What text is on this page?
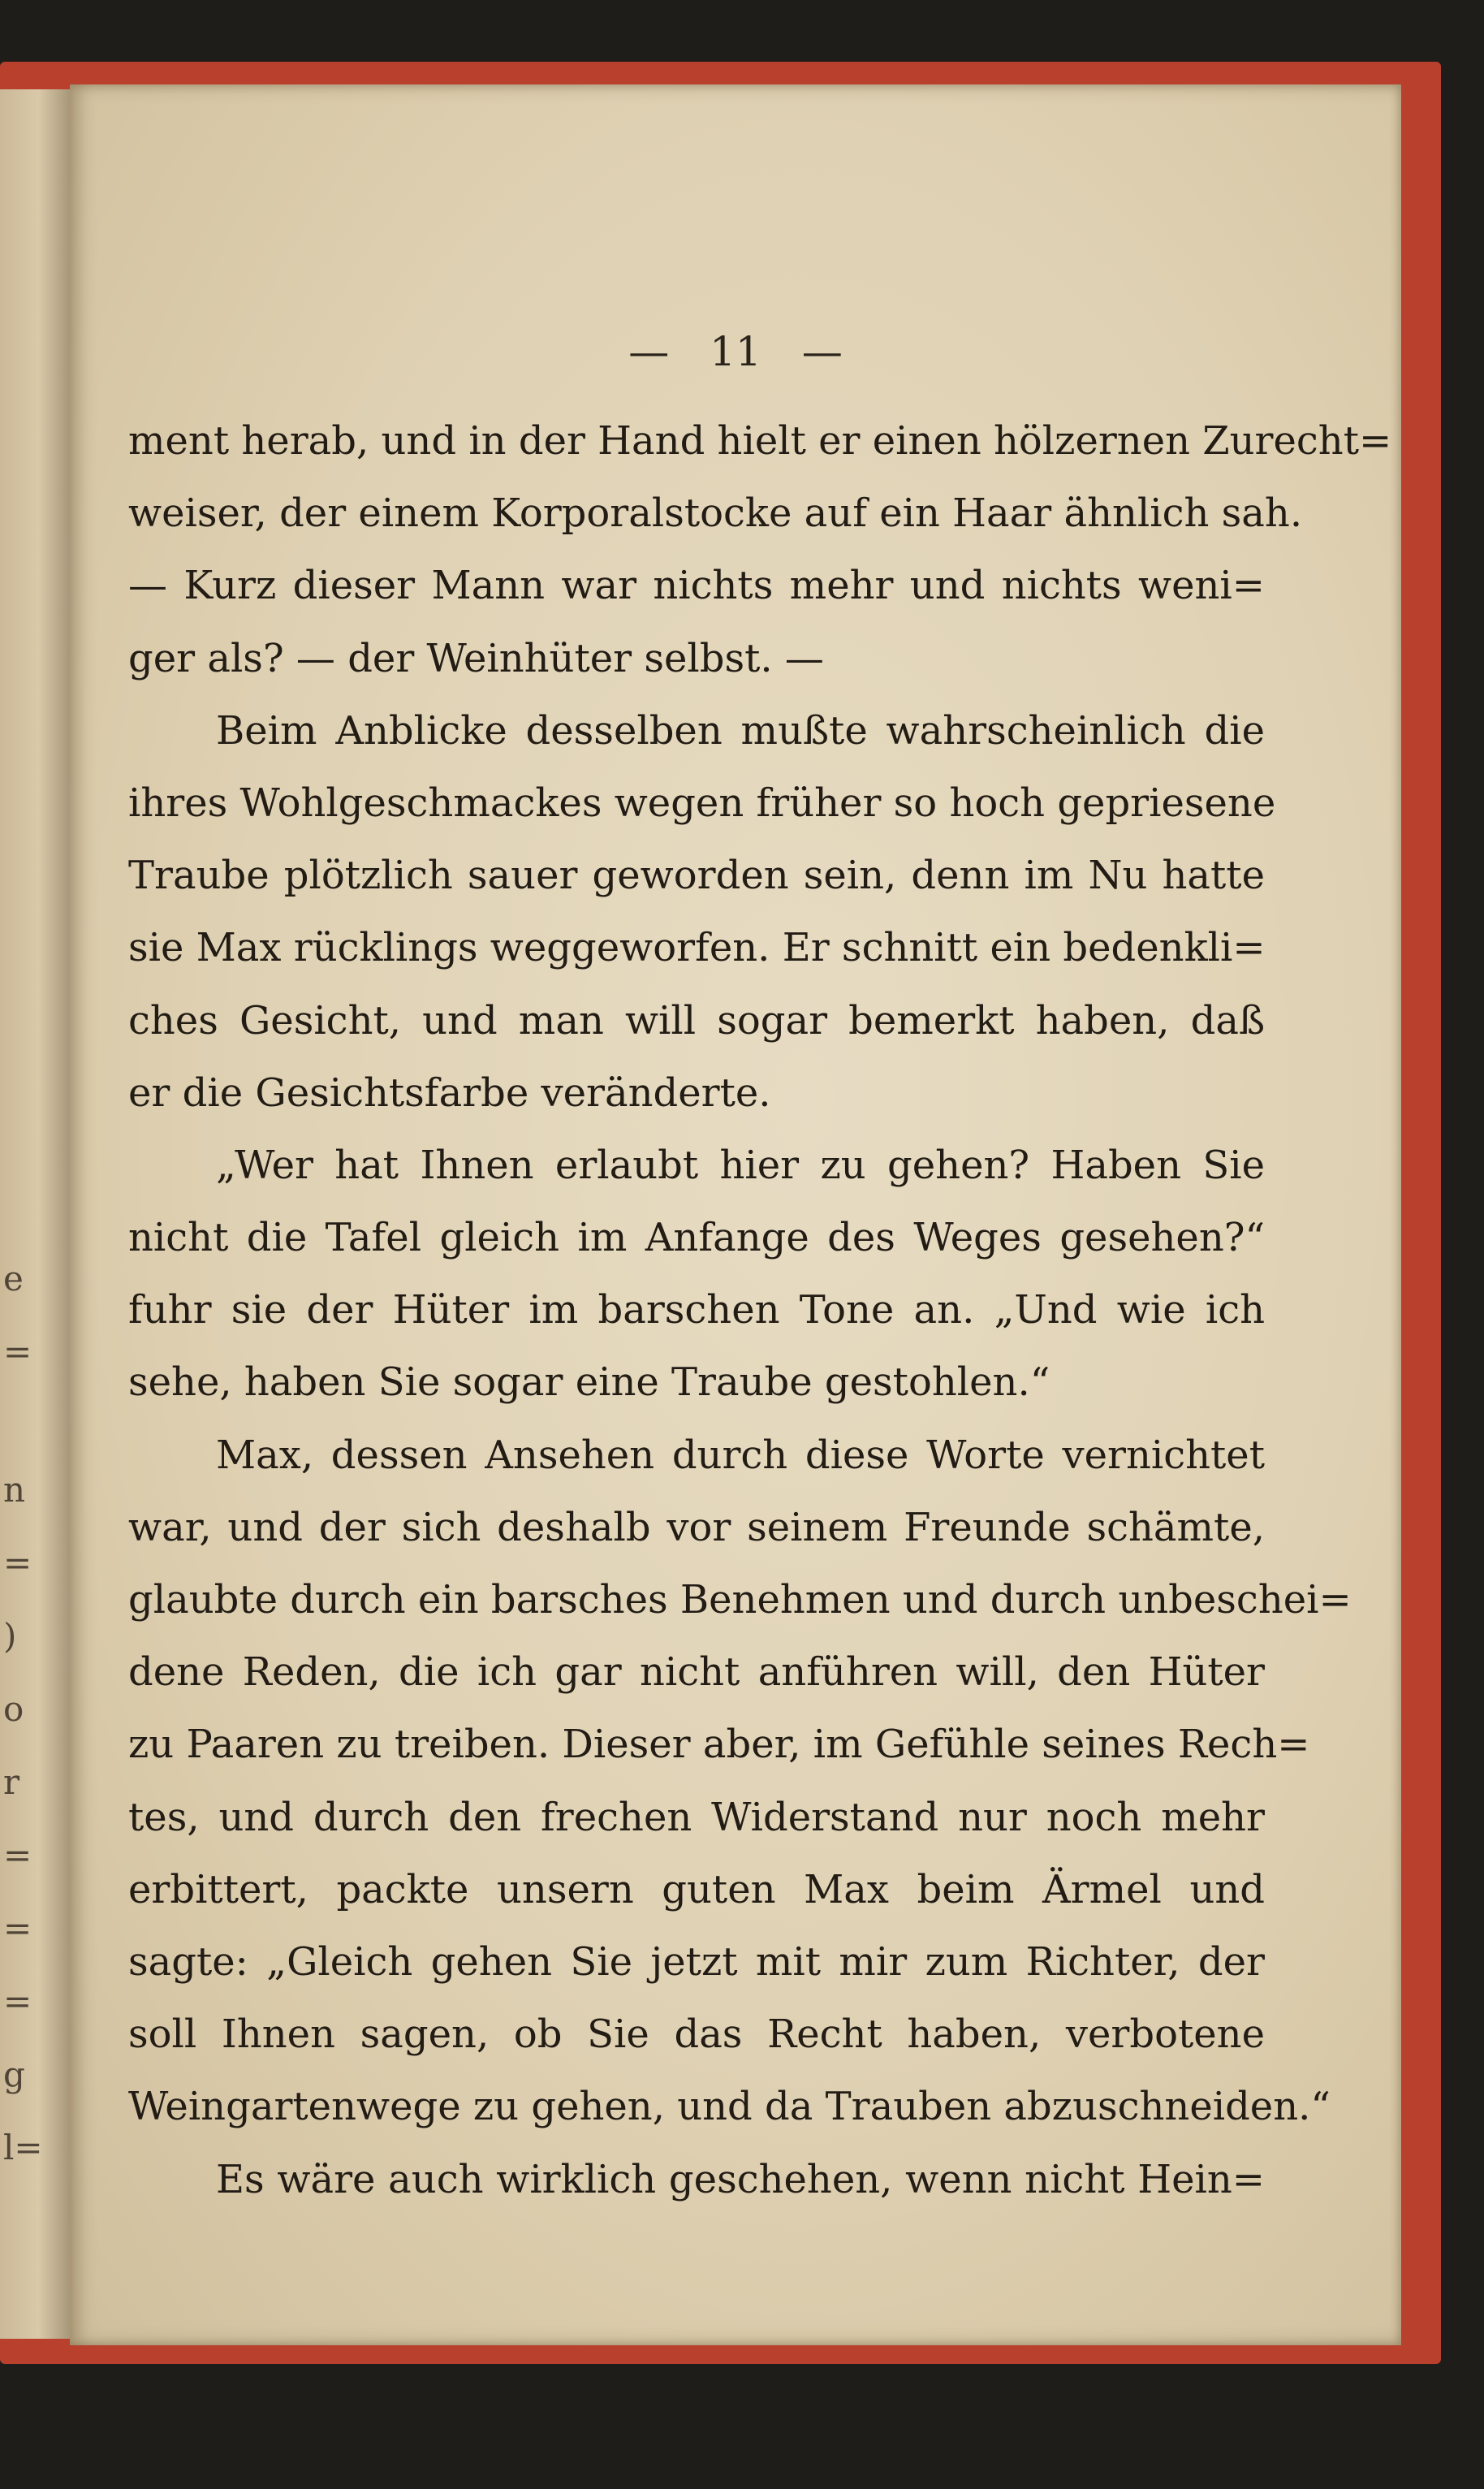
e
=
n
=
)
o
r
=
=
=
g
l=
— 11 —
ment herab, und in der Hand hielt er einen hölzernen Zurecht=
weiser, der einem Korporalstocke auf ein Haar ähnlich sah.
— Kurz dieser Mann war nichts mehr und nichts weni=
ger als? — der Weinhüter selbst. —
Beim Anblicke desselben mußte wahrscheinlich die
ihres Wohlgeschmackes wegen früher so hoch gepriesene
Traube plötzlich sauer geworden sein, denn im Nu hatte
sie Max rücklings weggeworfen. Er schnitt ein bedenkli=
ches Gesicht, und man will sogar bemerkt haben, daß
er die Gesichtsfarbe veränderte.
„Wer hat Ihnen erlaubt hier zu gehen? Haben Sie
nicht die Tafel gleich im Anfange des Weges gesehen?“
fuhr sie der Hüter im barschen Tone an. „Und wie ich
sehe, haben Sie sogar eine Traube gestohlen.“
Max, dessen Ansehen durch diese Worte vernichtet
war, und der sich deshalb vor seinem Freunde schämte,
glaubte durch ein barsches Benehmen und durch unbeschei=
dene Reden, die ich gar nicht anführen will, den Hüter
zu Paaren zu treiben. Dieser aber, im Gefühle seines Rech=
tes, und durch den frechen Widerstand nur noch mehr
erbittert, packte unsern guten Max beim Ärmel und
sagte: „Gleich gehen Sie jetzt mit mir zum Richter, der
soll Ihnen sagen, ob Sie das Recht haben, verbotene
Weingartenwege zu gehen, und da Trauben abzuschneiden.“
Es wäre auch wirklich geschehen, wenn nicht Hein=
